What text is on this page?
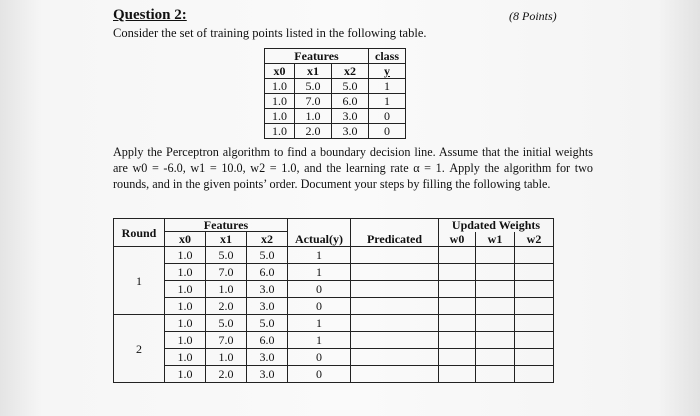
Question 2:	(8 Points)
Consider the set of training points listed in the following table.
Features			class
x0	x1	x2	y
1.0	5.0	5.0	1
1.0	7.0	6.0	1
1.0	1.0	3.0	0
1.0	2.0	3.0	0
Apply the Perceptron algorithm to find a boundary decision line. Assume that the initial weights are w0 = -6.0, w1 = 10.0, w2 = 1.0, and the learning rate α = 1. Apply the algorithm for two rounds, and in the given points’ order. Document your steps by filling the following table.
Round	Features					Updated Weights		
	x0	x1	x2	Actual(y)	Predicated	w0	w1	w2
1	1.0	5.0	5.0	1				
	1.0	7.0	6.0	1				
	1.0	1.0	3.0	0				
	1.0	2.0	3.0	0				
2	1.0	5.0	5.0	1				
	1.0	7.0	6.0	1				
	1.0	1.0	3.0	0				
	1.0	2.0	3.0	0				
